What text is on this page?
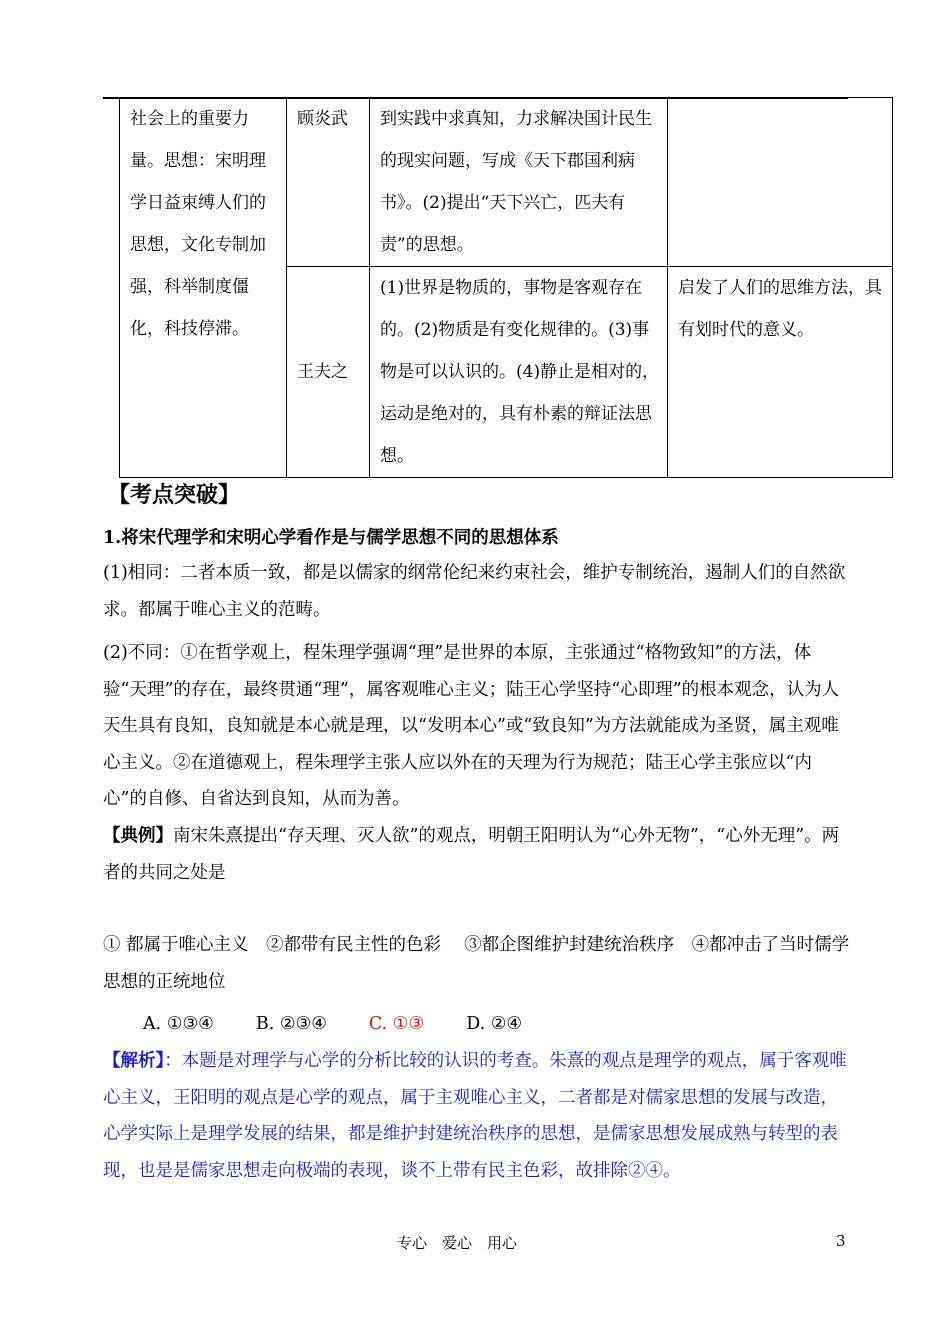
社会上的重要力量。思想：宋明理学日益束缚人们的思想，文化专制加强，科举制度僵化，科技停滞。	顾炎武	到实践中求真知，力求解决国计民生的现实问题，写成《天下郡国利病书》。(2)提出“天下兴亡，匹夫有责”的思想。	
	王夫之	(1)世界是物质的，事物是客观存在的。(2)物质是有变化规律的。(3)事物是可以认识的。(4)静止是相对的，运动是绝对的，具有朴素的辩证法思想。	启发了人们的思维方法，具有划时代的意义。
【考点突破】
1.将宋代理学和宋明心学看作是与儒学思想不同的思想体系
(1)相同：二者本质一致，都是以儒家的纲常伦纪来约束社会，维护专制统治，遏制人们的自然欲求。都属于唯心主义的范畴。
(2)不同：①在哲学观上，程朱理学强调“理”是世界的本原，主张通过“格物致知”的方法，体验“天理”的存在，最终贯通“理”，属客观唯心主义；陆王心学坚持“心即理”的根本观念，认为人天生具有良知，良知就是本心就是理，以“发明本心”或“致良知”为方法就能成为圣贤，属主观唯心主义。②在道德观上，程朱理学主张人应以外在的天理为行为规范；陆王心学主张应以“内心”的自修、自省达到良知，从而为善。
【典例】南宋朱熹提出“存天理、灭人欲”的观点，明朝王阳明认为“心外无物”，“心外无理”。两者的共同之处是
① 都属于唯心主义　②都带有民主性的色彩　 ③都企图维护封建统治秩序　④都冲击了当时儒学思想的正统地位
A. ①③④ B. ②③④ C. ①③ D. ②④
【解析】：本题是对理学与心学的分析比较的认识的考查。朱熹的观点是理学的观点，属于客观唯心主义，王阳明的观点是心学的观点，属于主观唯心主义，二者都是对儒家思想的发展与改造，心学实际上是理学发展的结果，都是维护封建统治秩序的思想，是儒家思想发展成熟与转型的表现，也是是儒家思想走向极端的表现，谈不上带有民主色彩，故排除②④。
专心　爱心　用心	3
